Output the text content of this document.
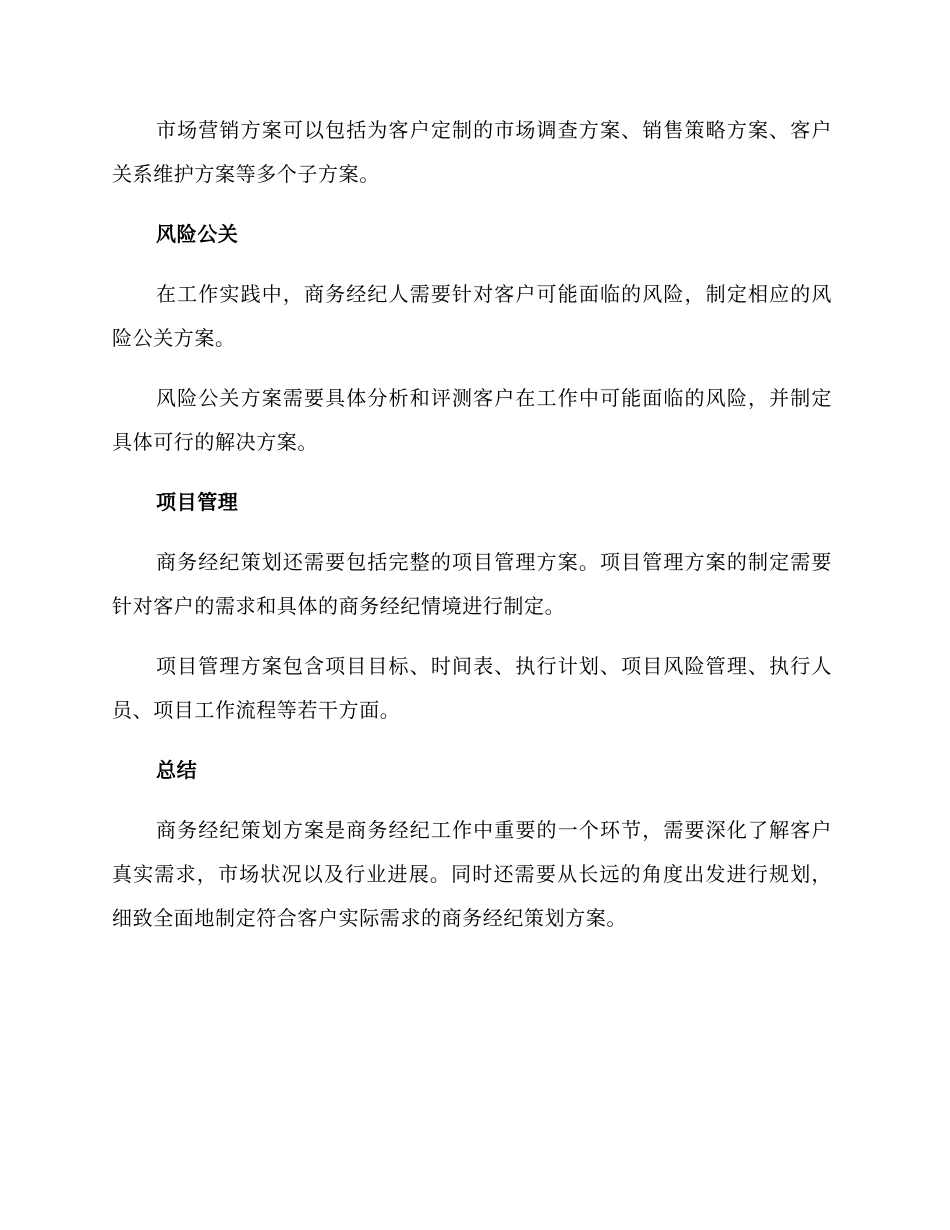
市场营销方案可以包括为客户定制的市场调查方案、销售策略方案、客户关系维护方案等多个子方案。

风险公关

在工作实践中，商务经纪人需要针对客户可能面临的风险，制定相应的风险公关方案。

风险公关方案需要具体分析和评测客户在工作中可能面临的风险，并制定具体可行的解决方案。

项目管理

商务经纪策划还需要包括完整的项目管理方案。项目管理方案的制定需要针对客户的需求和具体的商务经纪情境进行制定。

项目管理方案包含项目目标、时间表、执行计划、项目风险管理、执行人员、项目工作流程等若干方面。

总结

商务经纪策划方案是商务经纪工作中重要的一个环节，需要深化了解客户真实需求，市场状况以及行业进展。同时还需要从长远的角度出发进行规划，细致全面地制定符合客户实际需求的商务经纪策划方案。
